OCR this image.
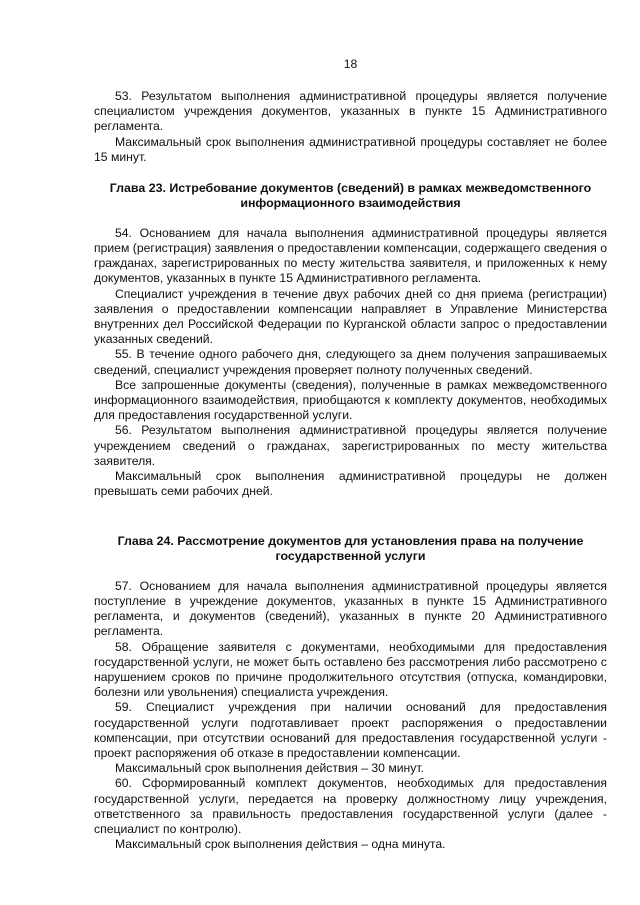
18

53. Результатом выполнения административной процедуры является получение специалистом учреждения документов, указанных в пункте 15 Административного регламента.

Максимальный срок выполнения административной процедуры составляет не более 15 минут.

Глава 23. Истребование документов (сведений) в рамках межведомственного информационного взаимодействия

54. Основанием для начала выполнения административной процедуры является прием (регистрация) заявления о предоставлении компенсации, содержащего сведения о гражданах, зарегистрированных по месту жительства заявителя, и приложенных к нему документов, указанных в пункте 15 Административного регламента.

Специалист учреждения в течение двух рабочих дней со дня приема (регистрации) заявления о предоставлении компенсации направляет в Управление Министерства внутренних дел Российской Федерации по Курганской области запрос о предоставлении указанных сведений.

55. В течение одного рабочего дня, следующего за днем получения запрашиваемых сведений, специалист учреждения проверяет полноту полученных сведений.

Все запрошенные документы (сведения), полученные в рамках межведомственного информационного взаимодействия, приобщаются к комплекту документов, необходимых для предоставления государственной услуги.

56. Результатом выполнения административной процедуры является получение учреждением сведений о гражданах, зарегистрированных по месту жительства заявителя.

Максимальный срок выполнения административной процедуры не должен превышать семи рабочих дней.

Глава 24. Рассмотрение документов для установления права на получение государственной услуги

57. Основанием для начала выполнения административной процедуры является поступление в учреждение документов, указанных в пункте 15 Административного регламента, и документов (сведений), указанных в пункте 20 Административного регламента.

58. Обращение заявителя с документами, необходимыми для предоставления государственной услуги, не может быть оставлено без рассмотрения либо рассмотрено с нарушением сроков по причине продолжительного отсутствия (отпуска, командировки, болезни или увольнения) специалиста учреждения.

59. Специалист учреждения при наличии оснований для предоставления государственной услуги подготавливает проект распоряжения о предоставлении компенсации, при отсутствии оснований для предоставления государственной услуги - проект распоряжения об отказе в предоставлении компенсации.

Максимальный срок выполнения действия – 30 минут.

60. Сформированный комплект документов, необходимых для предоставления государственной услуги, передается на проверку должностному лицу учреждения, ответственного за правильность предоставления государственной услуги (далее - специалист по контролю).

Максимальный срок выполнения действия – одна минута.
